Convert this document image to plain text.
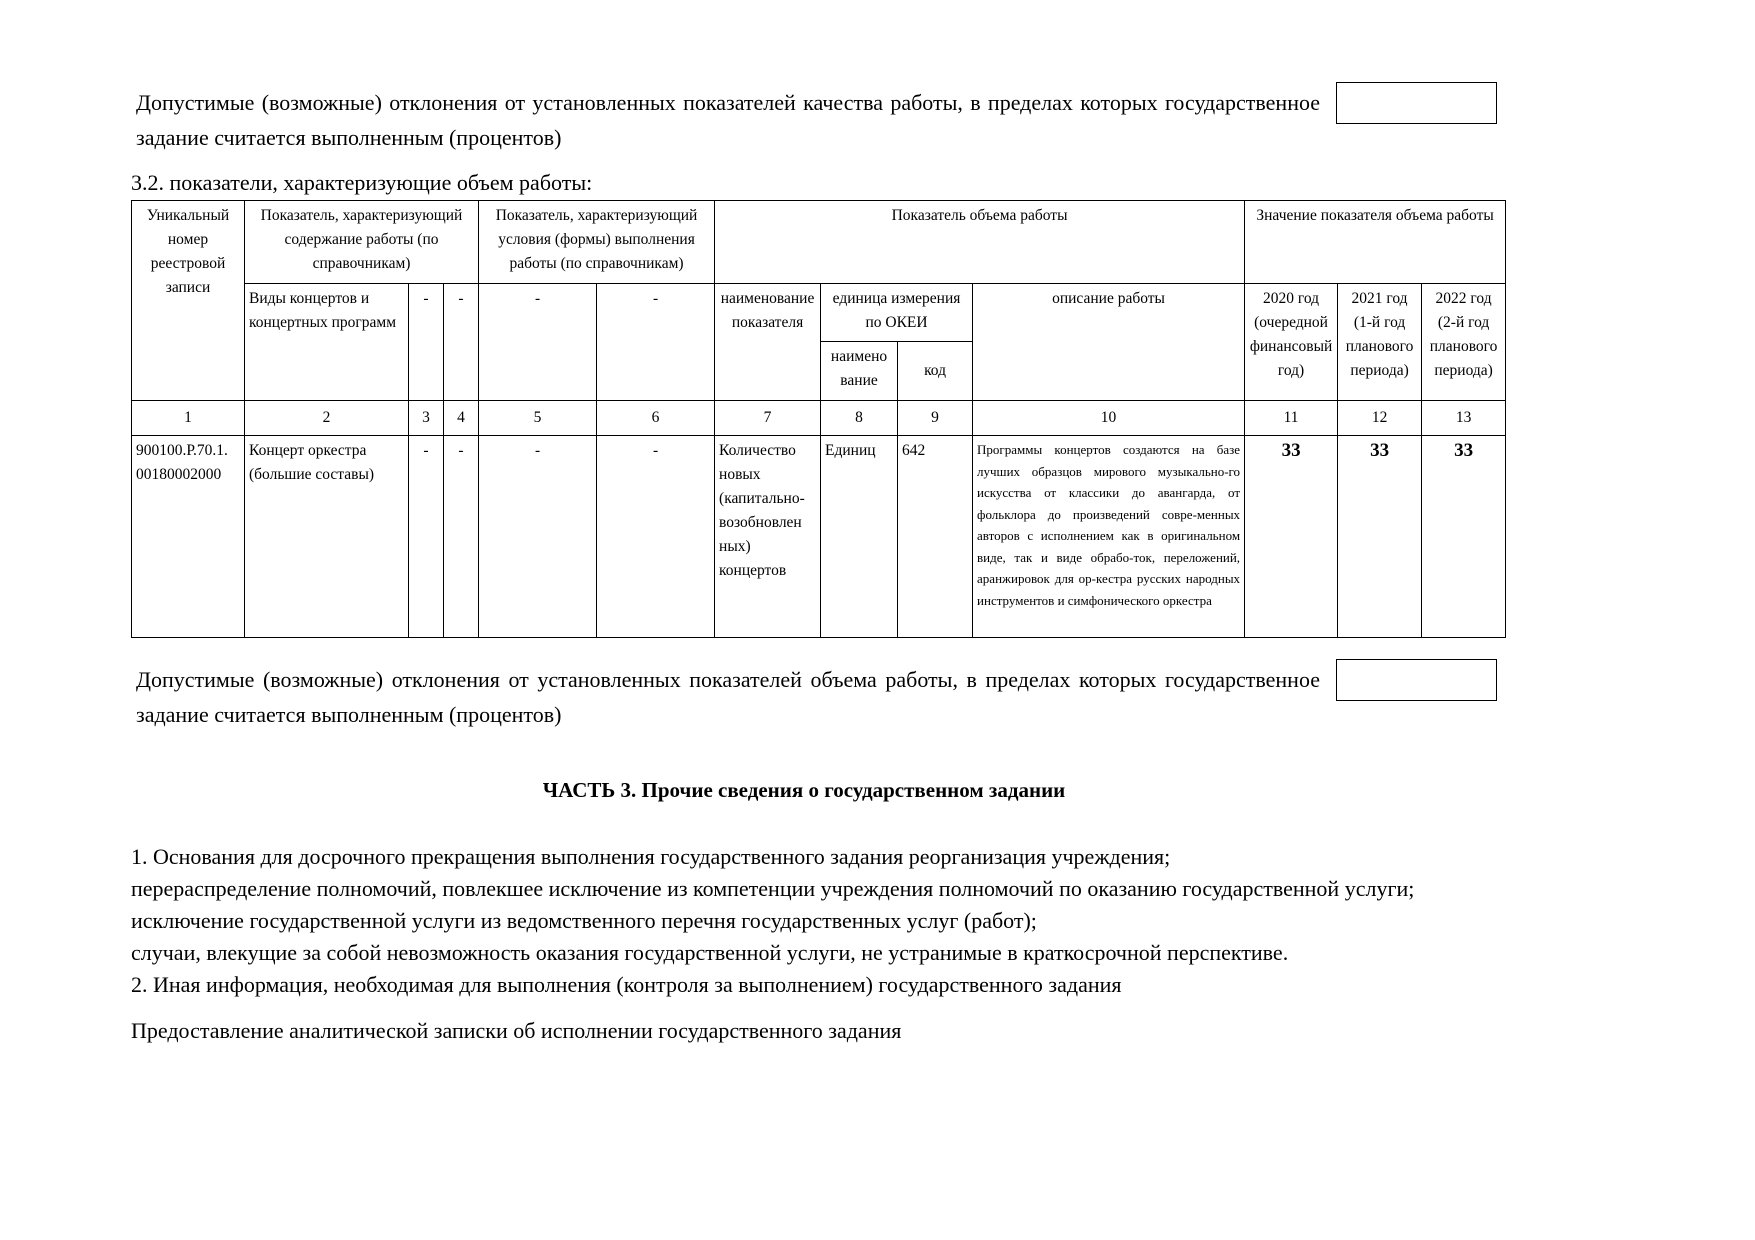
Допустимые (возможные) отклонения от установленных показателей качества работы, в пределах которых государственное задание считается выполненным (процентов)
3.2. показатели, характеризующие объем работы:
Уникальный номер реестровой записи	Показатель, характеризующий содержание работы (по справочникам)			Показатель, характеризующий условия (формы) выполнения работы (по справочникам)		Показатель объема работы				Значение показателя объема работы		
	Виды концертов и концертных программ	-	-	-	-	наименование показателя	единица измерения по ОКЕИ		описание работы	2020 год (очередной финансовый год)	2021 год (1-й год планового периода)	2022 год (2-й год планового периода)
							наимено вание	код				
1	2	3	4	5	6	7	8	9	10	11	12	13
900100.Р.70.1. 00180002000	Концерт оркестра (большие составы)	-	-	-	-	Количество новых (капитально-возобновлен ных) концертов	Единиц	642	Программы концертов создаются на базе лучших образцов мирового музыкально-го искусства от классики до авангарда, от фольклора до произведений совре-менных авторов с исполнением как в оригинальном виде, так и виде обрабо-ток, переложений, аранжировок для ор-кестра русских народных инструментов и симфонического оркестра	33	33	33
Допустимые (возможные) отклонения от установленных показателей объема работы, в пределах которых государственное задание считается выполненным (процентов)
ЧАСТЬ 3. Прочие сведения о государственном задании
1. Основания для досрочного прекращения выполнения государственного задания реорганизация учреждения;
перераспределение полномочий, повлекшее исключение из компетенции учреждения полномочий по оказанию государственной услуги;
исключение государственной услуги из ведомственного перечня государственных услуг (работ);
случаи, влекущие за собой невозможность оказания государственной услуги, не устранимые в краткосрочной перспективе.
2. Иная информация, необходимая для выполнения (контроля за выполнением) государственного задания
Предоставление аналитической записки об исполнении государственного задания
